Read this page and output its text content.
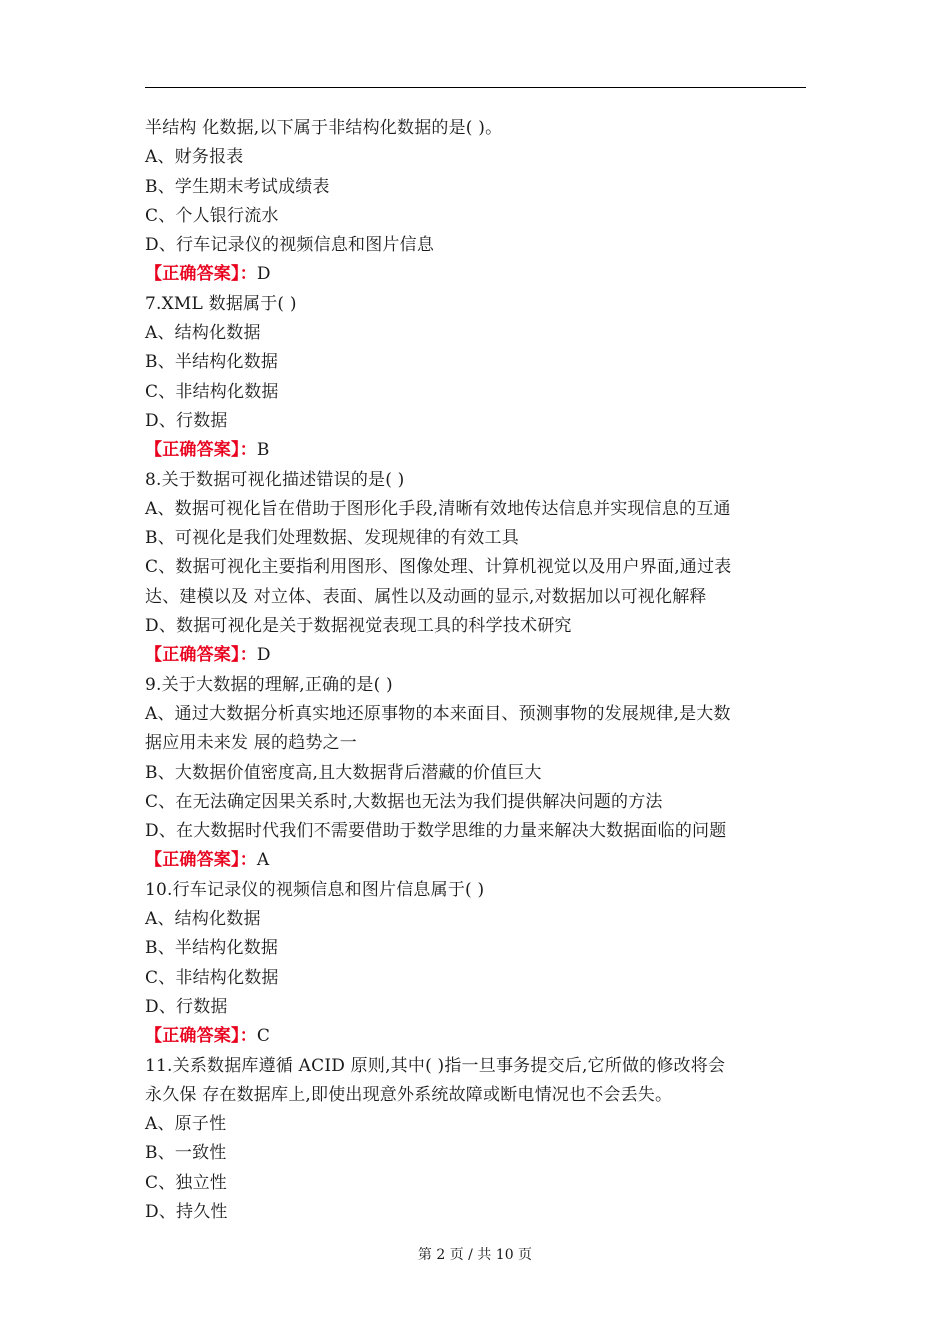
半结构 化数据,以下属于非结构化数据的是( )。
A、财务报表
B、学生期末考试成绩表
C、个人银行流水
D、行车记录仪的视频信息和图片信息
【正确答案】：D
7.XML 数据属于( )
A、结构化数据
B、半结构化数据
C、非结构化数据
D、行数据
【正确答案】：B
8.关于数据可视化描述错误的是( )
A、数据可视化旨在借助于图形化手段,清晰有效地传达信息并实现信息的互通
B、可视化是我们处理数据、发现规律的有效工具
C、数据可视化主要指利用图形、图像处理、计算机视觉以及用户界面,通过表
达、建模以及 对立体、表面、属性以及动画的显示,对数据加以可视化解释
D、数据可视化是关于数据视觉表现工具的科学技术研究
【正确答案】：D
9.关于大数据的理解,正确的是( )
A、通过大数据分析真实地还原事物的本来面目、预测事物的发展规律,是大数
据应用未来发 展的趋势之一
B、大数据价值密度高,且大数据背后潜藏的价值巨大
C、在无法确定因果关系时,大数据也无法为我们提供解决问题的方法
D、在大数据时代我们不需要借助于数学思维的力量来解决大数据面临的问题
【正确答案】：A
10.行车记录仪的视频信息和图片信息属于( )
A、结构化数据
B、半结构化数据
C、非结构化数据
D、行数据
【正确答案】：C
11.关系数据库遵循 ACID 原则,其中( )指一旦事务提交后,它所做的修改将会
永久保 存在数据库上,即使出现意外系统故障或断电情况也不会丢失。
A、原子性
B、一致性
C、独立性
D、持久性
第 2 页 / 共 10 页
